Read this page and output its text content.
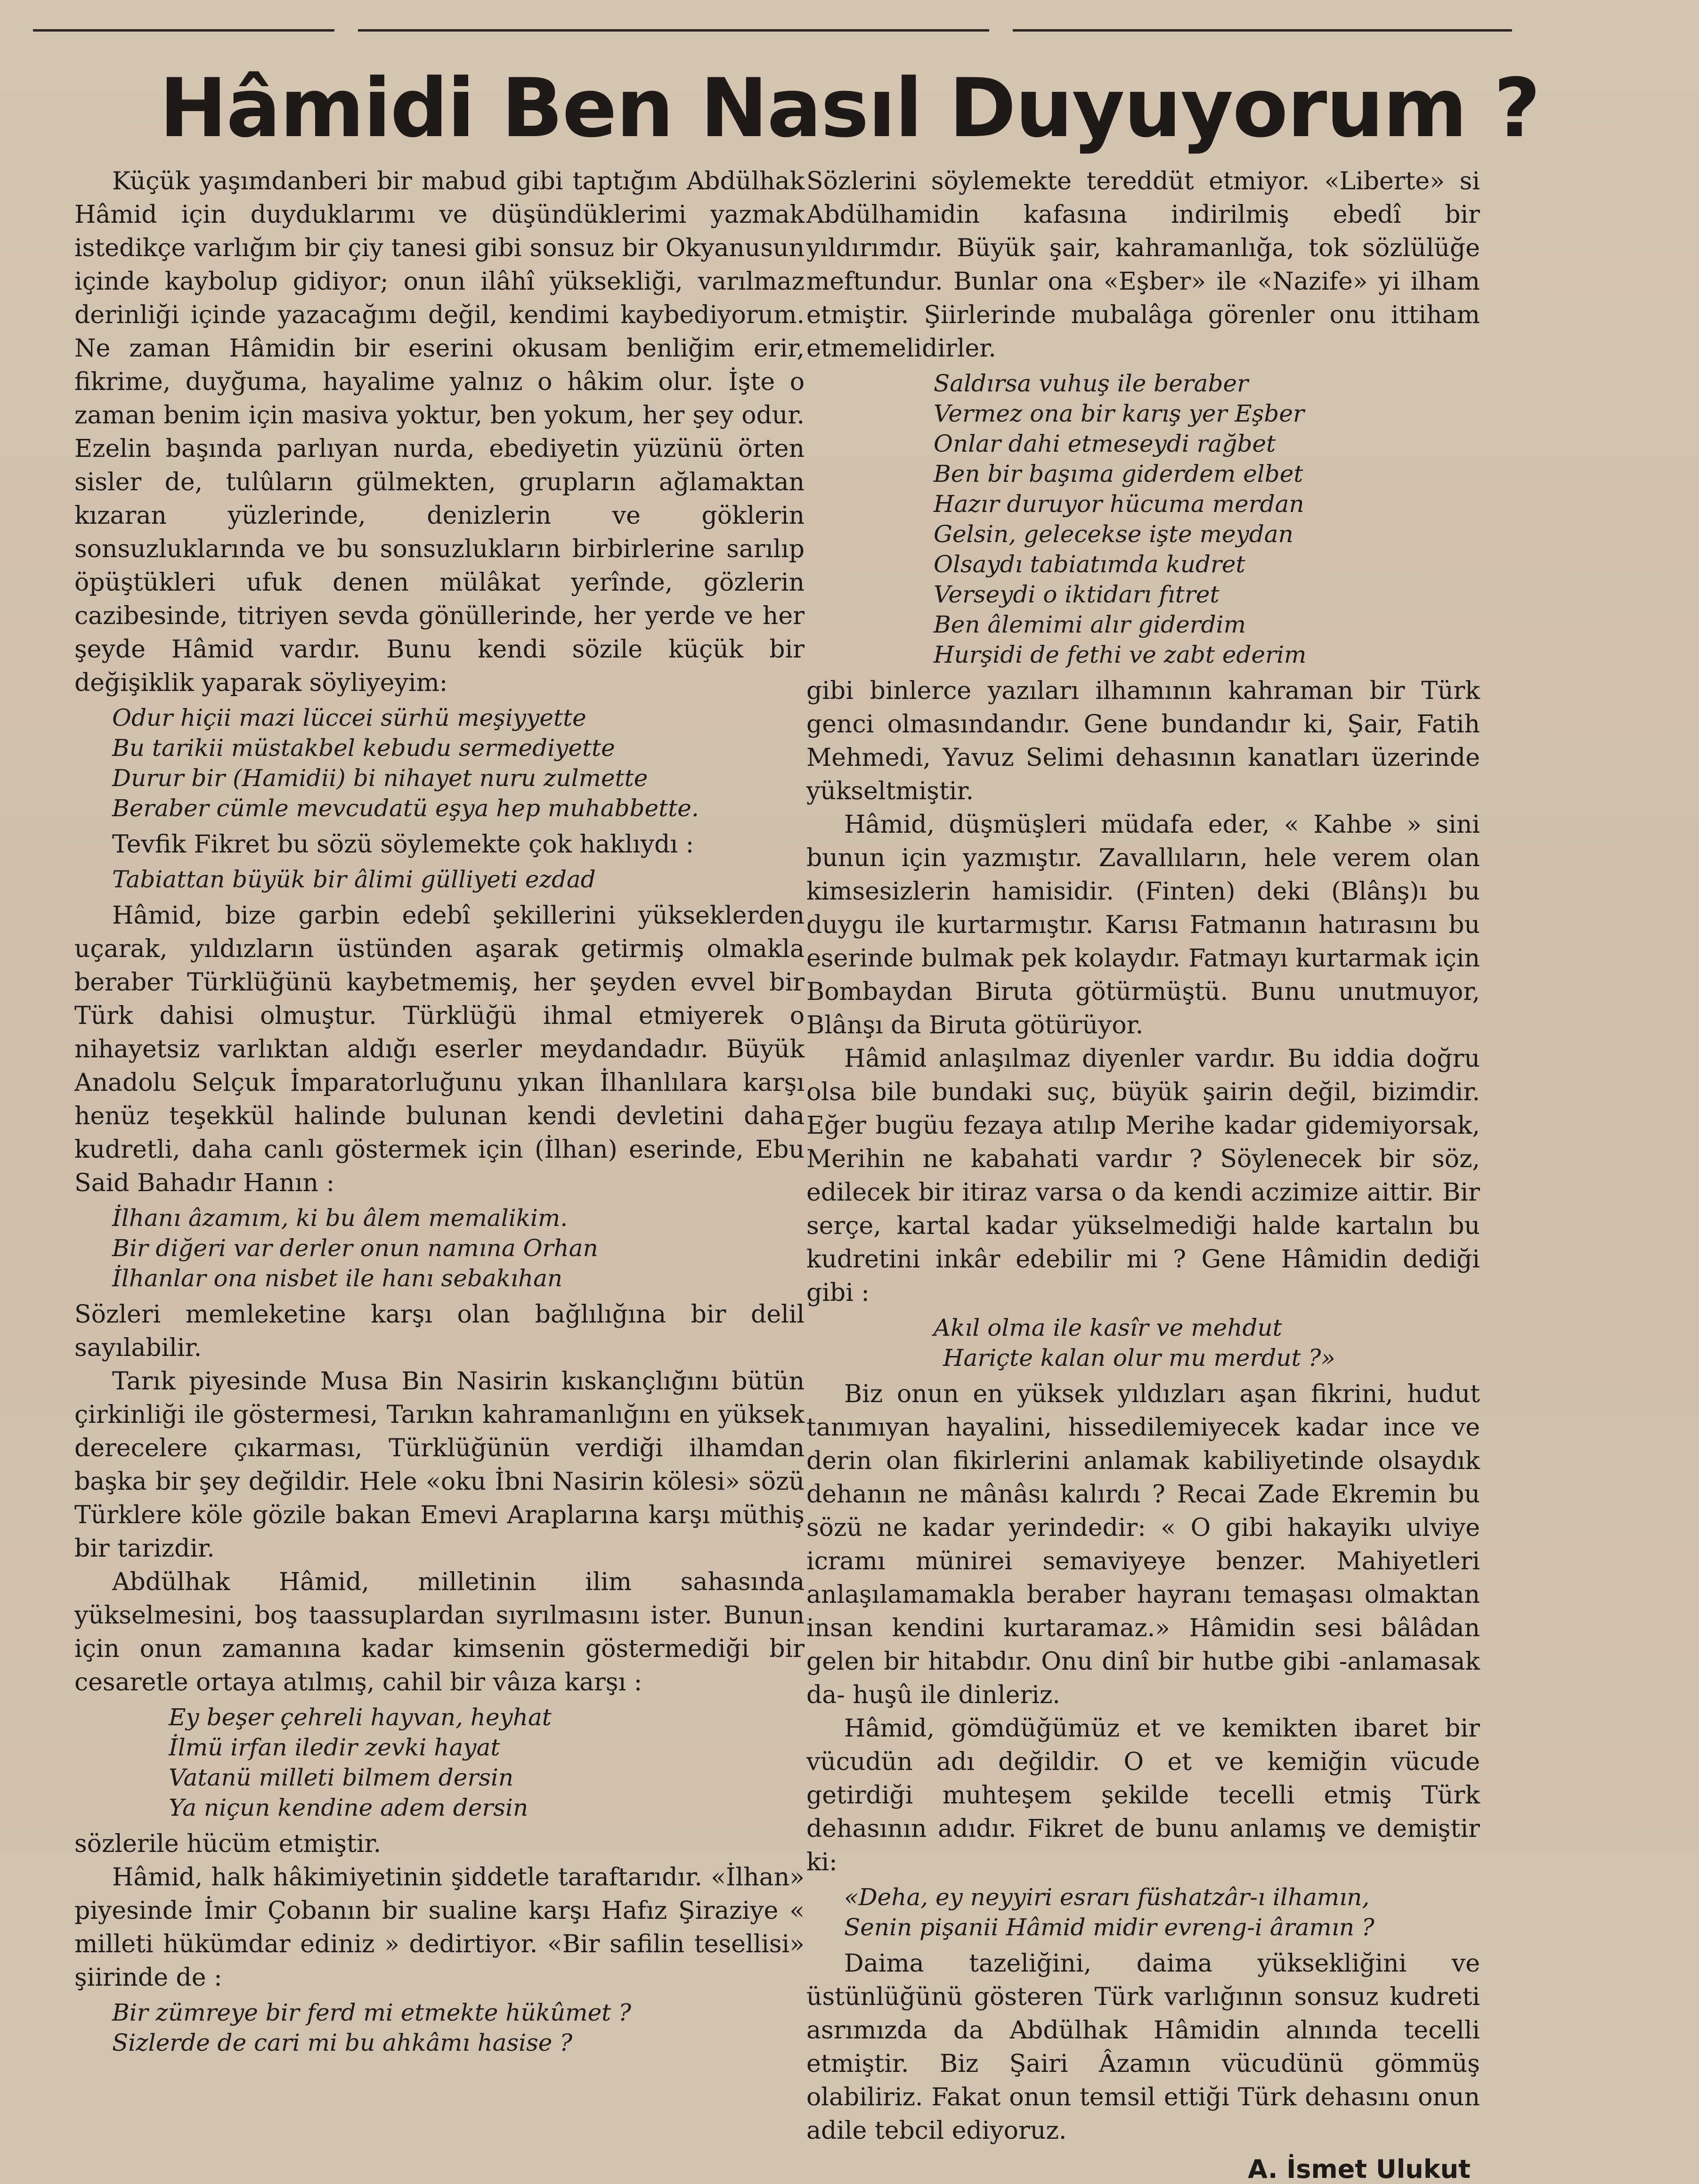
Hâmidi Ben Nasıl Duyuyorum ?

Küçük yaşımdanberi bir mabud gibi taptığım Abdülhak Hâmid için duyduklarımı ve düşündüklerimi yazmak istedikçe varlığım bir çiy tanesi gibi sonsuz bir Okyanusun içinde kaybolup gidiyor; onun ilâhî yüksekliği, varılmaz derinliği içinde yazacağımı değil, kendimi kaybediyorum. Ne zaman Hâmidin bir eserini okusam benliğim erir, fikrime, duyğuma, hayalime yalnız o hâkim olur. İşte o zaman benim için masiva yoktur, ben yokum, her şey odur. Ezelin başında parlıyan nurda, ebediyetin yüzünü örten sisler de, tulûların gülmekten, grupların ağlamaktan kızaran yüzlerinde, denizlerin ve göklerin sonsuzluklarında ve bu sonsuzlukların birbirlerine sarılıp öpüştükleri ufuk denen mülâkat yerînde, gözlerin cazibesinde, titriyen sevda gönüllerinde, her yerde ve her şeyde Hâmid vardır. Bunu kendi sözile küçük bir değişiklik yaparak söyliyeyim:

Odur hiçii mazi lüccei sürhü meşiyyette
Bu tarikii müstakbel kebudu sermediyette
Durur bir (Hamidii) bi nihayet nuru zulmette
Beraber cümle mevcudatü eşya hep muhabbette.

Tevfik Fikret bu sözü söylemekte çok haklıydı :

Tabiattan büyük bir âlimi gülliyeti ezdad

Hâmid, bize garbin edebî şekillerini yükseklerden uçarak, yıldızların üstünden aşarak getirmiş olmakla beraber Türklüğünü kaybetmemiş, her şeyden evvel bir Türk dahisi olmuştur. Türklüğü ihmal etmiyerek o nihayetsiz varlıktan aldığı eserler meydandadır. Büyük Anadolu Selçuk İmparatorluğunu yıkan İlhanlılara karşı henüz teşekkül halinde bulunan kendi devletini daha kudretli, daha canlı göstermek için (İlhan) eserinde, Ebu Said Bahadır Hanın :

İlhanı âzamım, ki bu âlem memalikim.
Bir diğeri var derler onun namına Orhan
İlhanlar ona nisbet ile hanı sebakıhan

Sözleri memleketine karşı olan bağlılığına bir delil sayılabilir.

Tarık piyesinde Musa Bin Nasirin kıskançlığını bütün çirkinliği ile göstermesi, Tarıkın kahramanlığını en yüksek derecelere çıkarması, Türklüğünün verdiği ilhamdan başka bir şey değildir. Hele «oku İbni Nasirin kölesi» sözü Türklere köle gözile bakan Emevi Araplarına karşı müthiş bir tarizdir.

Abdülhak Hâmid, milletinin ilim sahasında yükselmesini, boş taassuplardan sıyrılmasını ister. Bunun için onun zamanına kadar kimsenin göstermediği bir cesaretle ortaya atılmış, cahil bir vâıza karşı :

Ey beşer çehreli hayvan, heyhat
İlmü irfan iledir zevki hayat
Vatanü milleti bilmem dersin
Ya niçun kendine adem dersin

sözlerile hücüm etmiştir.

Hâmid, halk hâkimiyetinin şiddetle taraftarıdır. «İlhan» piyesinde İmir Çobanın bir sualine karşı Hafız Şiraziye « milleti hükümdar ediniz » dedirtiyor. «Bir safilin tesellisi» şiirinde de :

Bir zümreye bir ferd mi etmekte hükûmet ?
Sizlerde de cari mi bu ahkâmı hasise ?

Sözlerini söylemekte tereddüt etmiyor. «Liberte» si Abdülhamidin kafasına indirilmiş ebedî bir yıldırımdır. Büyük şair, kahramanlığa, tok sözlülüğe meftundur. Bunlar ona «Eşber» ile «Nazife» yi ilham etmiştir. Şiirlerinde mubalâga görenler onu ittiham etmemelidirler.

Saldırsa vuhuş ile beraber
Vermez ona bir karış yer Eşber
Onlar dahi etmeseydi rağbet
Ben bir başıma giderdem elbet
Hazır duruyor hücuma merdan
Gelsin, gelecekse işte meydan
Olsaydı tabiatımda kudret
Verseydi o iktidarı fıtret
Ben âlemimi alır giderdim
Hurşidi de fethi ve zabt ederim

gibi binlerce yazıları ilhamının kahraman bir Türk genci olmasındandır. Gene bundandır ki, Şair, Fatih Mehmedi, Yavuz Selimi dehasının kanatları üzerinde yükseltmiştir.

Hâmid, düşmüşleri müdafa eder, « Kahbe » sini bunun için yazmıştır. Zavallıların, hele verem olan kimsesizlerin hamisidir. (Finten) deki (Blânş)ı bu duygu ile kurtarmıştır. Karısı Fatmanın hatırasını bu eserinde bulmak pek kolaydır. Fatmayı kurtarmak için Bombaydan Biruta götürmüştü. Bunu unutmuyor, Blânşı da Biruta götürüyor.

Hâmid anlaşılmaz diyenler vardır. Bu iddia doğru olsa bile bundaki suç, büyük şairin değil, bizimdir. Eğer bugüu fezaya atılıp Merihe kadar gidemiyorsak, Merihin ne kabahati vardır ? Söylenecek bir söz, edilecek bir itiraz varsa o da kendi aczimize aittir. Bir serçe, kartal kadar yükselmediği halde kartalın bu kudretini inkâr edebilir mi ? Gene Hâmidin dediği gibi :

Akıl olma ile kasîr ve mehdut
Hariçte kalan olur mu merdut ?»

Biz onun en yüksek yıldızları aşan fikrini, hudut tanımıyan hayalini, hissedilemiyecek kadar ince ve derin olan fikirlerini anlamak kabiliyetinde olsaydık dehanın ne mânâsı kalırdı ? Recai Zade Ekremin bu sözü ne kadar yerindedir: « O gibi hakayikı ulviye icramı münirei semaviyeye benzer. Mahiyetleri anlaşılamamakla beraber hayranı temaşası olmaktan insan kendini kurtaramaz.» Hâmidin sesi bâlâdan gelen bir hitabdır. Onu dinî bir hutbe gibi -anlamasak da- huşû ile dinleriz.

Hâmid, gömdüğümüz et ve kemikten ibaret bir vücudün adı değildir. O et ve kemiğin vücude getirdiği muhteşem şekilde tecelli etmiş Türk dehasının adıdır. Fikret de bunu anlamış ve demiştir ki:

«Deha, ey neyyiri esrarı füshatzâr-ı ilhamın,
Senin pişanii Hâmid midir evreng-i âramın ?

Daima tazeliğini, daima yüksekliğini ve üstünlüğünü gösteren Türk varlığının sonsuz kudreti asrımızda da Abdülhak Hâmidin alnında tecelli etmiştir. Biz Şairi Âzamın vücudünü gömmüş olabiliriz. Fakat onun temsil ettiği Türk dehasını onun adile tebcil ediyoruz.

A. İsmet Ulukut
